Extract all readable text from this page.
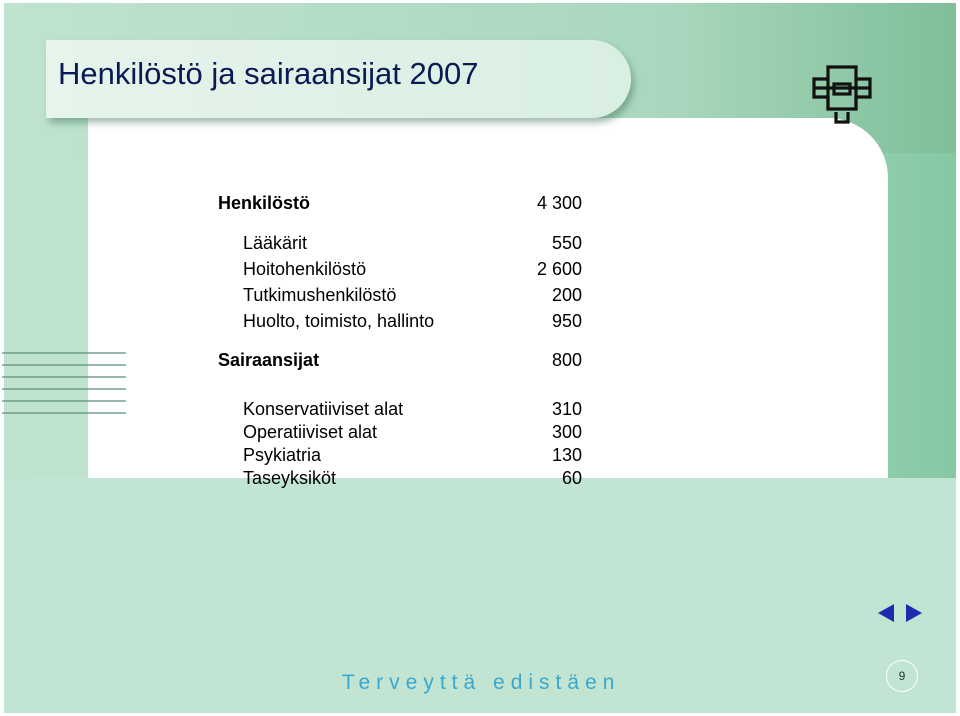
Henkilöstö ja sairaansijat 2007
Henkilöstö	4 300
Lääkärit	550
Hoitohenkilöstö	2 600
Tutkimushenkilöstö	200
Huolto, toimisto, hallinto	950
Sairaansijat	800
Konservatiiviset alat	310
Operatiiviset alat	300
Psykiatria	130
Taseyksiköt	60
Terveyttä edistäen	9
